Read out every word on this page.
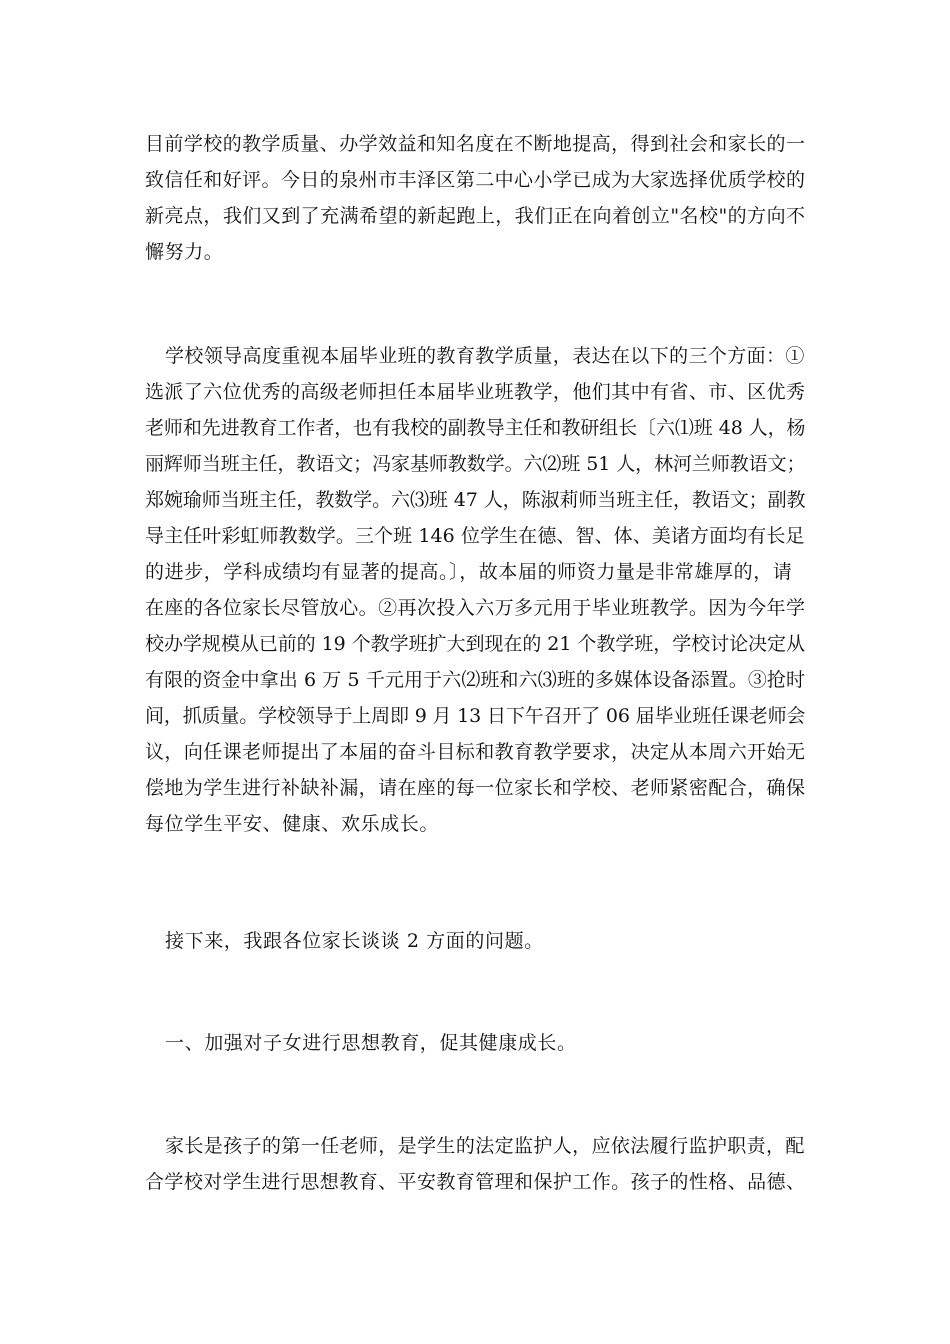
目前学校的教学质量、办学效益和知名度在不断地提高，得到社会和家长的一
致信任和好评。今日的泉州市丰泽区第二中心小学已成为大家选择优质学校的
新亮点，我们又到了充满希望的新起跑上，我们正在向着创立"名校"的方向不
懈努力。
学校领导高度重视本届毕业班的教育教学质量，表达在以下的三个方面：①
选派了六位优秀的高级老师担任本届毕业班教学，他们其中有省、市、区优秀
老师和先进教育工作者，也有我校的副教导主任和教研组长〔六⑴班 48 人，杨
丽辉师当班主任，教语文；冯家基师教数学。六⑵班 51 人，林河兰师教语文；
郑婉瑜师当班主任，教数学。六⑶班 47 人，陈淑莉师当班主任，教语文；副教
导主任叶彩虹师教数学。三个班 146 位学生在德、智、体、美诸方面均有长足
的进步，学科成绩均有显著的提高。〕，故本届的师资力量是非常雄厚的，请
在座的各位家长尽管放心。②再次投入六万多元用于毕业班教学。因为今年学
校办学规模从已前的 19 个教学班扩大到现在的 21 个教学班，学校讨论决定从
有限的资金中拿出 6 万 5 千元用于六⑵班和六⑶班的多媒体设备添置。③抢时
间，抓质量。学校领导于上周即 9 月 13 日下午召开了 06 届毕业班任课老师会
议，向任课老师提出了本届的奋斗目标和教育教学要求，决定从本周六开始无
偿地为学生进行补缺补漏，请在座的每一位家长和学校、老师紧密配合，确保
每位学生平安、健康、欢乐成长。
接下来，我跟各位家长谈谈 2 方面的问题。
一、加强对子女进行思想教育，促其健康成长。
家长是孩子的第一任老师，是学生的法定监护人，应依法履行监护职责，配
合学校对学生进行思想教育、平安教育管理和保护工作。孩子的性格、品德、
